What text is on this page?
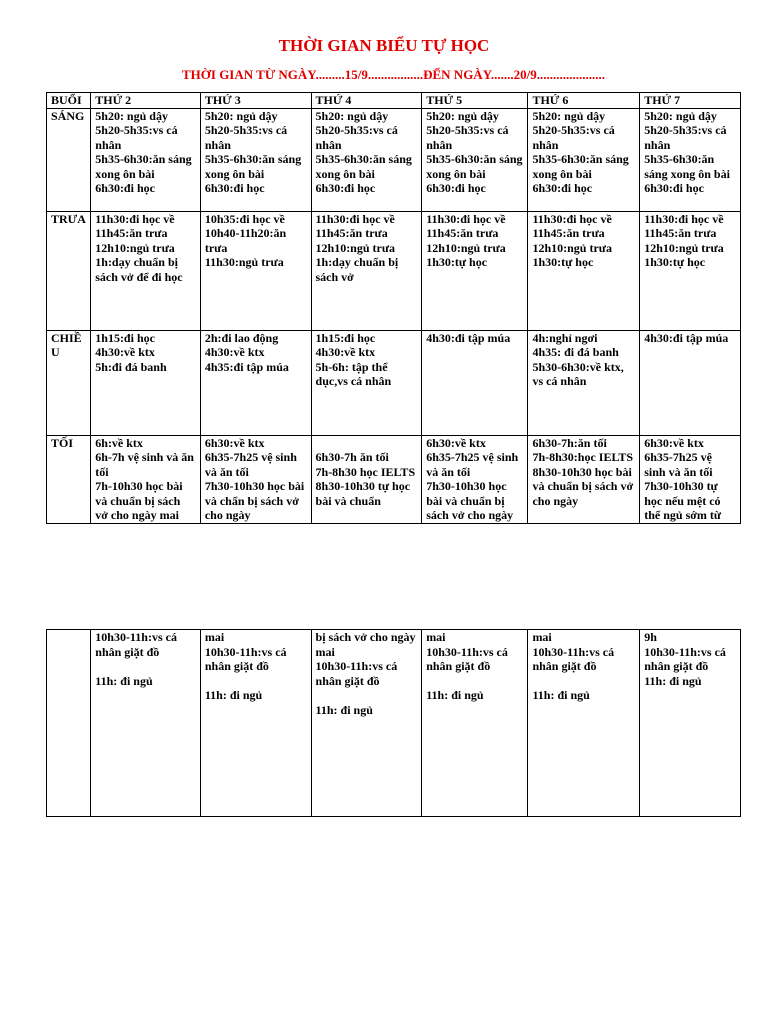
THỜI GIAN BIỂU TỰ HỌC
THỜI GIAN TỪ NGÀY.........15/9.................ĐẾN NGÀY.......20/9.....................
BUỔI	THỨ 2	THỨ 3	THỨ 4	THỨ 5	THỨ 6	THỨ 7
SÁNG	5h20: ngủ dậy
5h20-5h35:vs cá nhân
5h35-6h30:ăn sáng xong ôn bài
6h30:đi học	5h20: ngủ dậy
5h20-5h35:vs cá nhân
5h35-6h30:ăn sáng xong ôn bài
6h30:đi học	5h20: ngủ dậy
5h20-5h35:vs cá nhân
5h35-6h30:ăn sáng xong ôn bài
6h30:đi học	5h20: ngủ dậy
5h20-5h35:vs cá nhân
5h35-6h30:ăn sáng xong ôn bài
6h30:đi học	5h20: ngủ dậy
5h20-5h35:vs cá nhân
5h35-6h30:ăn sáng xong ôn bài
6h30:đi học	5h20: ngủ dậy
5h20-5h35:vs cá nhân
5h35-6h30:ăn sáng xong ôn bài
6h30:đi học
TRƯA	11h30:đi học về
11h45:ăn trưa
12h10:ngủ trưa
1h:dạy chuẩn bị sách vở để đi học	10h35:đi học về
10h40-11h20:ăn trưa
11h30:ngủ trưa	11h30:đi học về
11h45:ăn trưa
12h10:ngủ trưa
1h:dạy chuẩn bị sách vở	11h30:đi học về
11h45:ăn trưa
12h10:ngủ trưa
1h30:tự học	11h30:đi học về
11h45:ăn trưa
12h10:ngủ trưa
1h30:tự học	11h30:đi học về
11h45:ăn trưa
12h10:ngủ trưa
1h30:tự học
CHIỀ U	1h15:đi học
4h30:về ktx
5h:đi đá banh	2h:đi lao động
4h30:về ktx
4h35:đi tập múa	1h15:đi học
4h30:về ktx
5h-6h: tập thể dục,vs cá nhân	4h30:đi tập múa	4h:nghỉ ngơi
4h35: đi đá banh
5h30-6h30:về ktx, vs cá nhân	4h30:đi tập múa
TỐI	6h:về ktx
6h-7h vệ sinh và ăn tối
7h-10h30 học bài và chuẩn bị sách vở cho ngày mai	6h30:về ktx
6h35-7h25 vệ sinh và ăn tối
7h30-10h30 học bài và chẩn bị sách vở cho ngày	
6h30-7h ăn tối
7h-8h30 học IELTS
8h30-10h30 tự học bài và chuẩn	6h30:về ktx
6h35-7h25 vệ sinh và ăn tối
7h30-10h30 học bài và chuẩn bị sách vở cho ngày	6h30-7h:ăn tối
7h-8h30:học IELTS
8h30-10h30 học bài và chuẩn bị sách vở cho ngày	6h30:về ktx
6h35-7h25 vệ sinh và ăn tối
7h30-10h30 tự học nếu mệt có thể ngủ sớm từ
	10h30-11h:vs cá nhân giặt đồ

11h: đi ngủ	mai
10h30-11h:vs cá nhân giặt đồ

11h: đi ngủ	bị sách vở cho ngày mai
10h30-11h:vs cá nhân giặt đồ

11h: đi ngủ	mai
10h30-11h:vs cá nhân giặt đồ

11h: đi ngủ	mai
10h30-11h:vs cá nhân giặt đồ

11h: đi ngủ	9h
10h30-11h:vs cá nhân giặt đồ
11h: đi ngủ
